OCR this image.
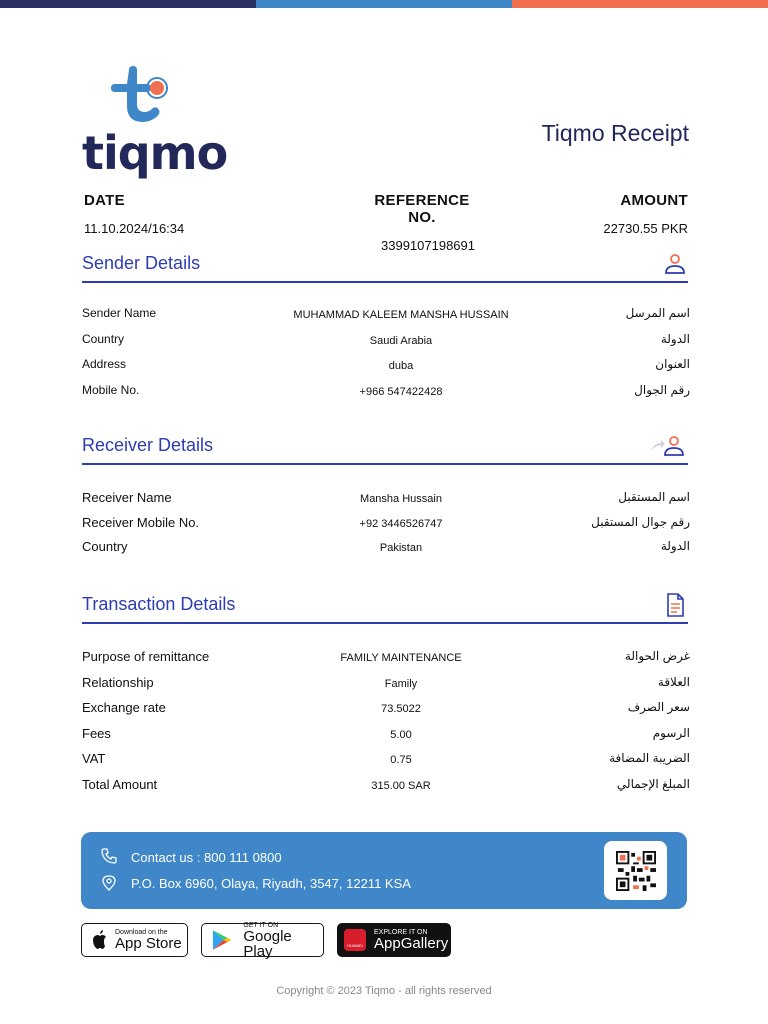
tiqmo	Tiqmo Receipt
DATE
11.10.2024/16:34
REFERENCE NO.
3399107198691
AMOUNT
22730.55 PKR
Sender Details
Sender Name	MUHAMMAD KALEEM MANSHA HUSSAIN	اسم المرسل
Country	Saudi Arabia	الدولة
Address	duba	العنوان
Mobile No.	+966 547422428	رقم الجوال
Receiver Details
Receiver Name	Mansha Hussain	اسم المستقبل
Receiver Mobile No.	+92 3446526747	رقم جوال المستقبل
Country	Pakistan	الدولة
Transaction Details
Purpose of remittance	FAMILY MAINTENANCE	غرض الحوالة
Relationship	Family	العلاقة
Exchange rate	73.5022	سعر الصرف
Fees	5.00	الرسوم
VAT	0.75	الضريبة المضافة
Total Amount	315.00 SAR	المبلغ الإجمالي
Contact us : 800 111 0800
P.O. Box 6960, Olaya, Riyadh, 3547, 12211 KSA
Download on the
App Store
GET IT ON
Google Play	HUAWEI
EXPLORE IT ON
AppGallery
Copyright © 2023 Tiqmo - all rights reserved
